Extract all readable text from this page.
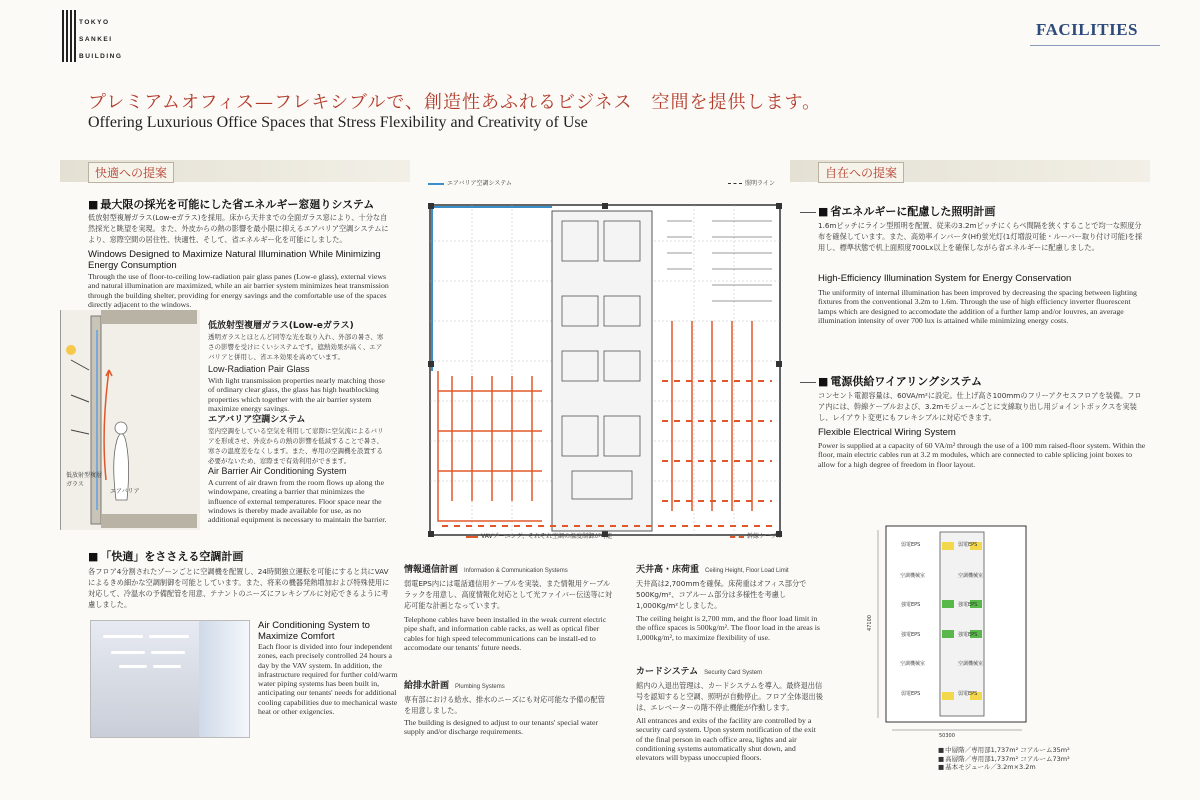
TOKYO
SANKEI
BUILDING
FACILITIES
プレミアムオフィス—フレキシブルで、創造性あふれるビジネス　空間を提供します。
Offering Luxurious Office Spaces that Stress Flexibility and Creativity of Use
快適への提案	自在への提案
■ 最大限の採光を可能にした省エネルギー窓廻りシステム
低放射型複層ガラス(Low-eガラス)を採用。床から天井までの全面ガラス窓により、十分な自然採光と眺望を実現。また、外皮からの熱の影響を最小限に抑えるエアバリア空調システムにより、窓際空間の居住性、快適性、そして、省エネルギー化を可能にしました。
Windows Designed to Maximize Natural Illumination While Minimizing Energy Consumption
Through the use of floor-to-ceiling low-radiation pair glass panes (Low-e glass), external views and natural illumination are maximized, while an air barrier system minimizes heat transmission through the building shelter, providing for energy savings and the comfortable use of the spaces directly adjacent to the windows.
低放射型複層ガラス
エアバリア
低放射型複層ガラス(Low-eガラス)
透明ガラスとほとんど同等な光を取り入れ、外部の暑さ、寒さの影響を受けにくいシステムです。遮熱効果が高く、エアバリアと併用し、省エネ効果を高めています。
Low-Radiation Pair Glass
With light transmission properties nearly matching those of ordinary clear glass, the glass has high heatblocking properties which together with the air barrier system maximize energy savings.
エアバリア空調システム
室内空調をしている空気を利用して窓際に空気流によるバリアを形成させ、外皮からの熱の影響を低減することで暑さ、寒さの温度差をなくします。また、専用の空調機を設置する必要がないため、窓際まで有効利用ができます。
Air Barrier Air Conditioning System
A current of air drawn from the room flows up along the windowpane, creating a barrier that minimizes the influence of external temperatures. Floor space near the windows is thereby made available for use, as no additional equipment is necessary to maintain the barrier.
■ 「快適」をささえる空調計画
各フロア4分割されたゾーンごとに空調機を配置し、24時間独立運転を可能にすると共にVAVによるきめ細かな空調制御を可能としています。また、将来の機器発熱増加および特殊使用に対応して、冷温水の予備配管を用意、テナントのニーズにフレキシブルに対応できるように考慮しました。
Air Conditioning System to Maximize Comfort
Each floor is divided into four independent zones, each precisely controlled 24 hours a day by the VAV system. In addition, the infrastructure required for further cold/warm water piping systems has been built in, anticipating our tenants' needs for additional cooling capabilities due to mechanical waste heat or other exigencies.
エアバリア空調システム	照明ライン
VAVゾーニング、それぞれ空調の温度制御が可能	幹線ケーブル
情報通信計画 Information & Communication Systems
弱電EPS内には電話通信用ケーブルを実装、また情報用ケーブルラックを用意し、高度情報化対応として光ファイバー伝送等に対応可能な計画となっています。
Telephone cables have been installed in the weak current electric pipe shaft, and information cable racks, as well as optical fiber cables for high speed telecommunications can be install-ed to accomodate our tenants' future needs.
給排水計画 Plumbing Systems
専有部における給水、排水のニーズにも対応可能な予備の配管を用意しました。
The building is designed to adjust to our tenants' special water supply and/or discharge requirements.
天井高・床荷重 Ceiling Height, Floor Load Limit
天井高は2,700mmを確保。床荷重はオフィス部分で500Kg/m²、コアルーム部分は多様性を考慮し1,000Kg/m²としました。
The ceiling height is 2,700 mm, and the floor load limit in the office spaces is 500kg/m². The floor load in the areas is 1,000kg/m², to maximize flexibility of use.
カードシステム Security Card System
館内の入退出管理は、カードシステムを導入。最終退出信号を認知すると空調、照明が自動停止。フロア全体退出後は、エレベーターの階不停止機能が作動します。
All entrances and exits of the facility are controlled by a security card system. Upon system notification of the exit of the final person in each office area, lights and air conditioning systems automatically shut down, and elevators will bypass unoccupied floors.
■ 省エネルギーに配慮した照明計画
1.6mピッチにライン型照明を配置、従来の3.2mピッチにくらべ間隔を狭くすることで均一な照度分布を確保しています。また、高効率インバータ(Hf)蛍光灯(1灯増設可能・ルーバー取り付け可能)を採用し、標準状態で机上面照度700Lx以上を確保しながら省エネルギーに配慮しました。
High-Efficiency Illumination System for Energy Conservation
The uniformity of internal illumination has been improved by decreasing the spacing between lighting fixtures from the conventional 3.2m to 1.6m. Through the use of high efficiency inverter fluorescent lamps which are designed to accomodate the addition of a further lamp and/or louvres, an average illumination intensity of over 700 lux is attained while minimizing energy costs.
■ 電源供給ワイアリングシステム
コンセント電源容量は、60VA/m²に設定。仕上げ高さ100mmのフリーアクセスフロアを装備。フロア内には、幹線ケーブルおよび、3.2mモジュールごとに支線取り出し用ジョイントボックスを実装し、レイアウト変更にもフレキシブルに対応できます。
Flexible Electrical Wiring System
Power is supplied at a capacity of 60 VA/m² through the use of a 100 mm raised-floor system. Within the floor, main electric cables run at 3.2 m modules, which are connected to cable splicing joint boxes to allow for a high degree of freedom in floor layout.
弱電EPS	弱電EPS
空調機械室	空調機械室
強電EPS	強電EPS
強電EPS	強電EPS
空調機械室	空調機械室
弱電EPS	弱電EPS
50300
47100
■ 中層階／専用部1,737m² コアルーム35m²
■ 高層階／専用部1,737m² コアルーム73m²
■ 基本モジュール／3.2m×3.2m
